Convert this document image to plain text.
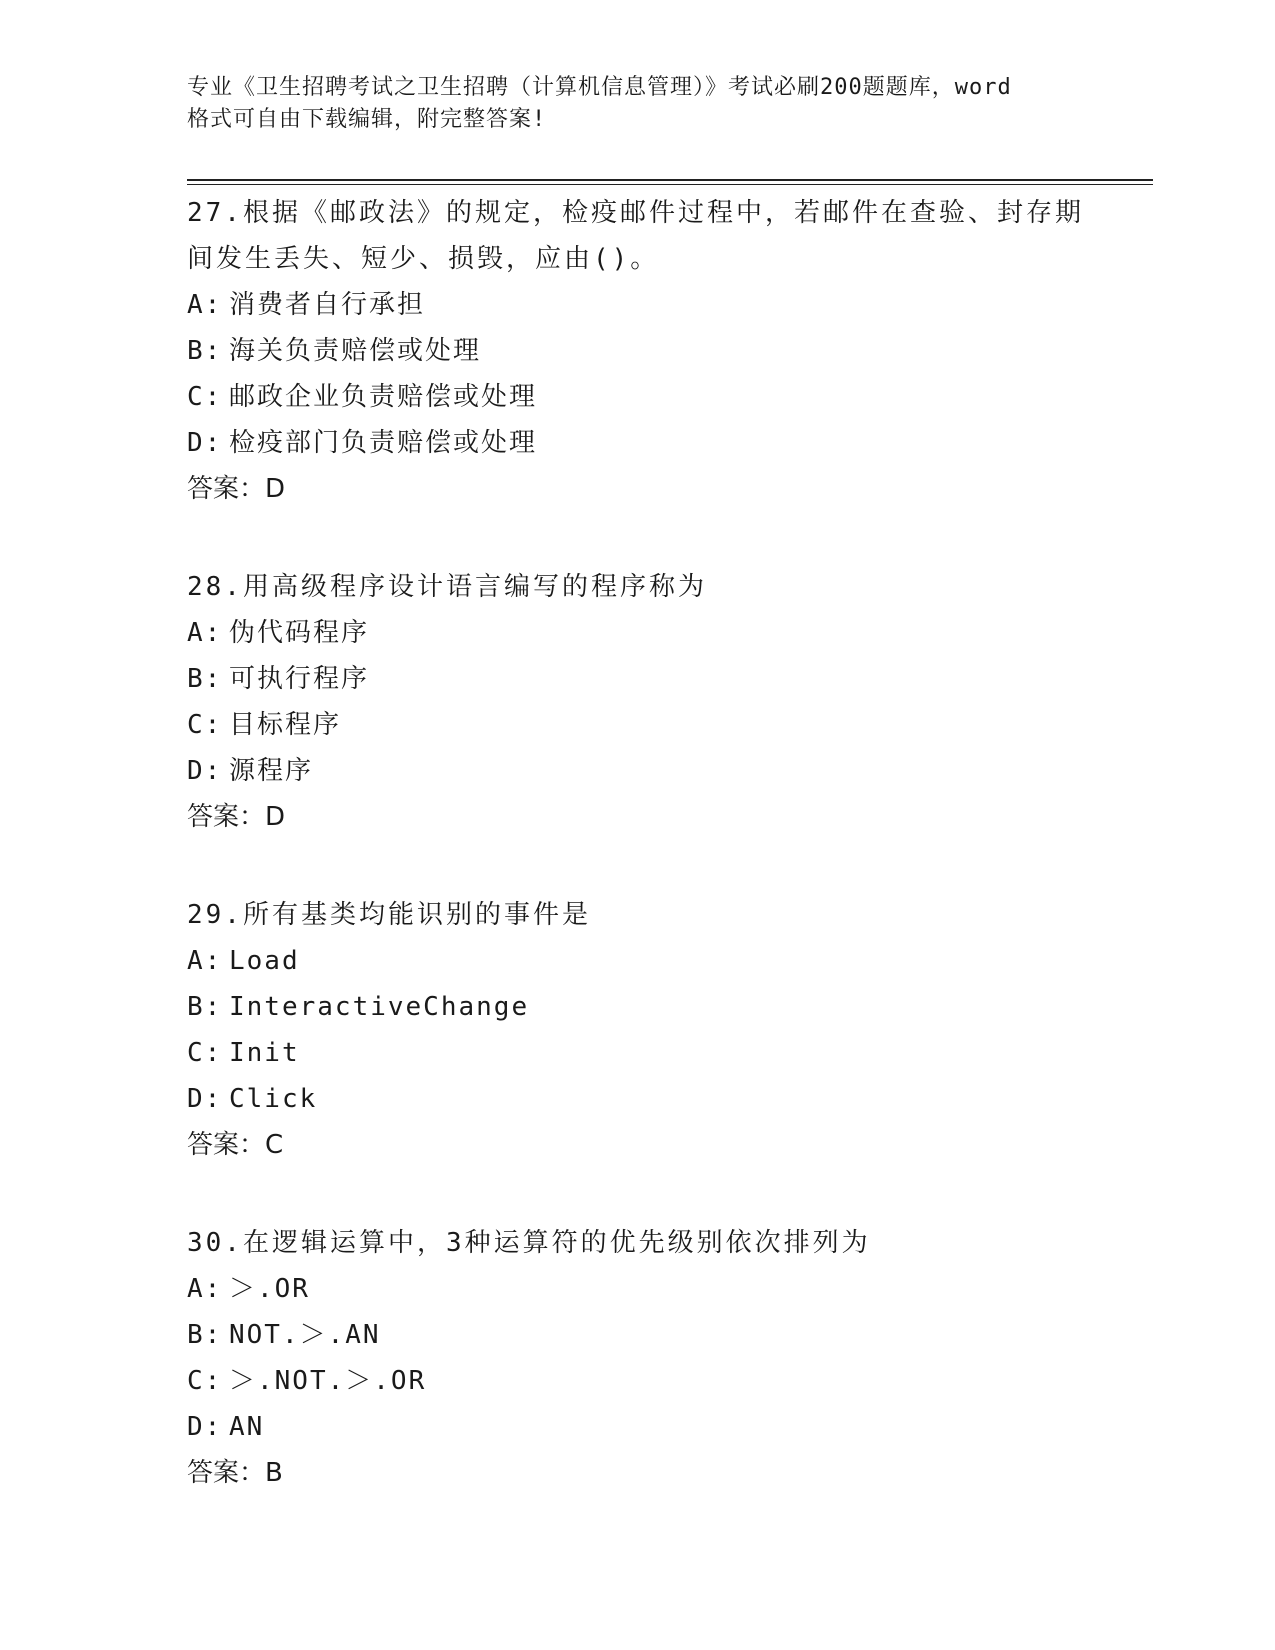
专业《卫生招聘考试之卫生招聘（计算机信息管理）》考试必刷200题题库，word
格式可自由下载编辑，附完整答案!
27.根据《邮政法》的规定，检疫邮件过程中，若邮件在查验、封存期
间发生丢失、短少、损毁，应由()。
A: 消费者自行承担
B: 海关负责赔偿或处理
C: 邮政企业负责赔偿或处理
D: 检疫部门负责赔偿或处理
答案：D
28.用高级程序设计语言编写的程序称为
A: 伪代码程序
B: 可执行程序
C: 目标程序
D: 源程序
答案：D
29.所有基类均能识别的事件是
A: Load
B: InteractiveChange
C: Init
D: Click
答案：C
30.在逻辑运算中，3种运算符的优先级别依次排列为
A: ＞.OR
B: NOT.＞.AN
C: ＞.NOT.＞.OR
D: AN
答案：B
